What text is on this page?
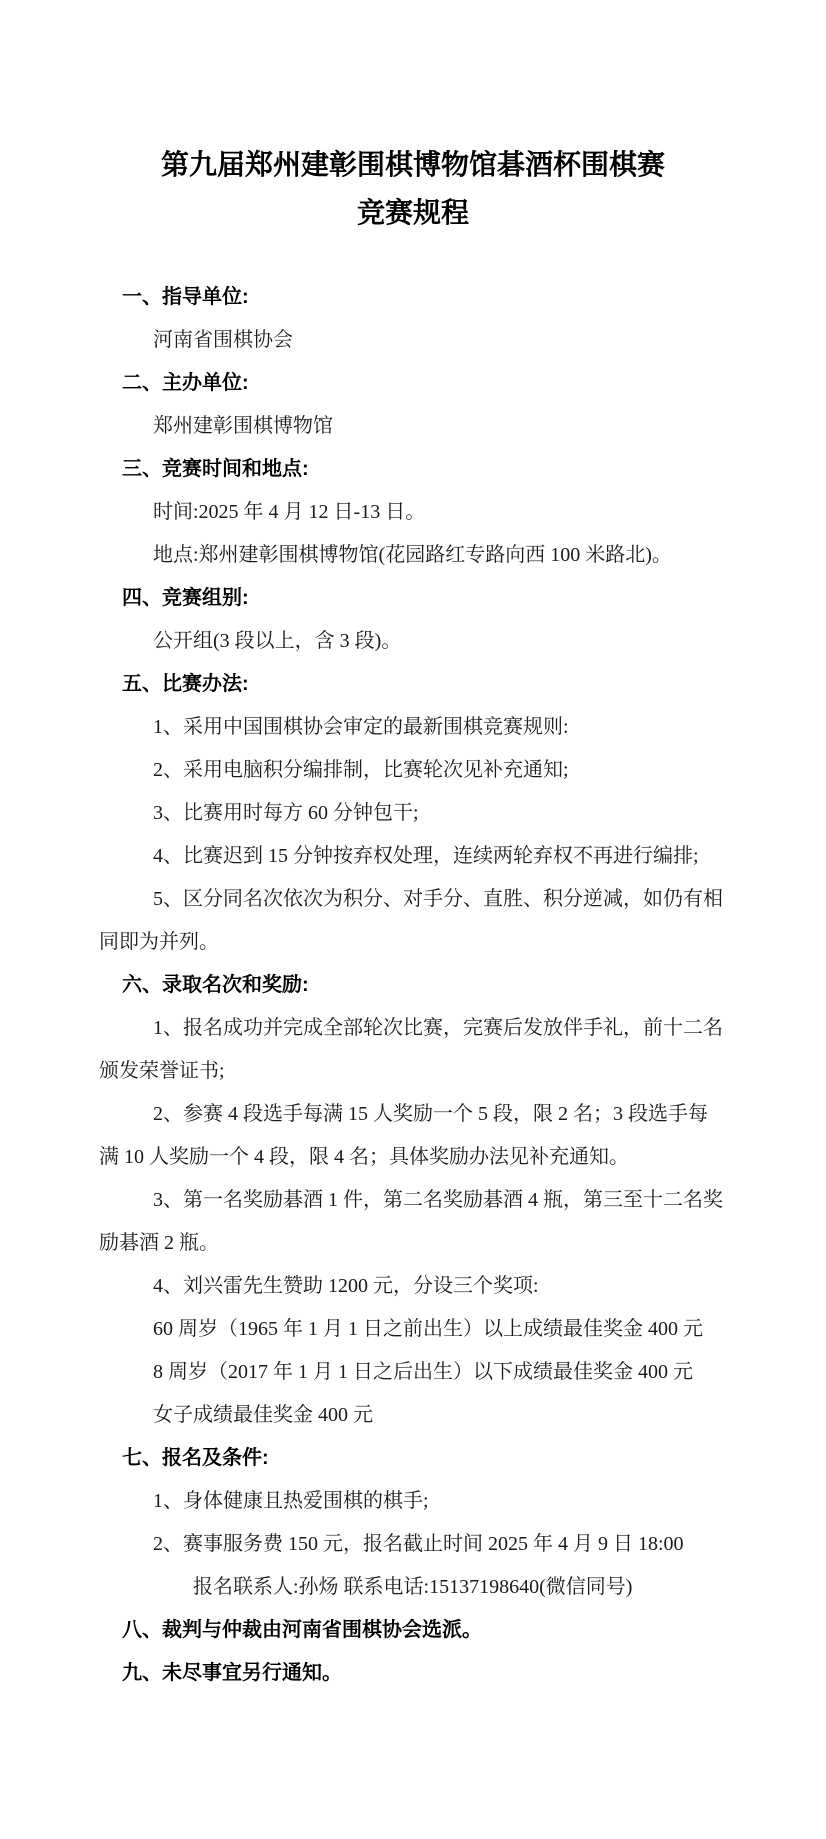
第九届郑州建彰围棋博物馆碁酒杯围棋赛

竞赛规程

一、指导单位:

河南省围棋协会

二、主办单位:

郑州建彰围棋博物馆

三、竞赛时间和地点:

时间:2025 年 4 月 12 日-13 日。

地点:郑州建彰围棋博物馆(花园路红专路向西 100 米路北)。

四、竞赛组别:

公开组(3 段以上，含 3 段)。

五、比赛办法:

1、采用中国围棋协会审定的最新围棋竞赛规则:

2、采用电脑积分编排制，比赛轮次见补充通知;

3、比赛用时每方 60 分钟包干;

4、比赛迟到 15 分钟按弃权处理，连续两轮弃权不再进行编排;

5、区分同名次依次为积分、对手分、直胜、积分逆减，如仍有相

同即为并列。

六、录取名次和奖励:

1、报名成功并完成全部轮次比赛，完赛后发放伴手礼，前十二名

颁发荣誉证书;

2、参赛 4 段选手每满 15 人奖励一个 5 段，限 2 名；3 段选手每

满 10 人奖励一个 4 段，限 4 名；具体奖励办法见补充通知。

3、第一名奖励碁酒 1 件，第二名奖励碁酒 4 瓶，第三至十二名奖

励碁酒 2 瓶。

4、刘兴雷先生赞助 1200 元，分设三个奖项:

60 周岁（1965 年 1 月 1 日之前出生）以上成绩最佳奖金 400 元

8 周岁（2017 年 1 月 1 日之后出生）以下成绩最佳奖金 400 元

女子成绩最佳奖金 400 元

七、报名及条件:

1、身体健康且热爱围棋的棋手;

2、赛事服务费 150 元，报名截止时间 2025 年 4 月 9 日 18:00

报名联系人:孙炀 联系电话:15137198640(微信同号)

八、裁判与仲裁由河南省围棋协会选派。

九、未尽事宜另行通知。
